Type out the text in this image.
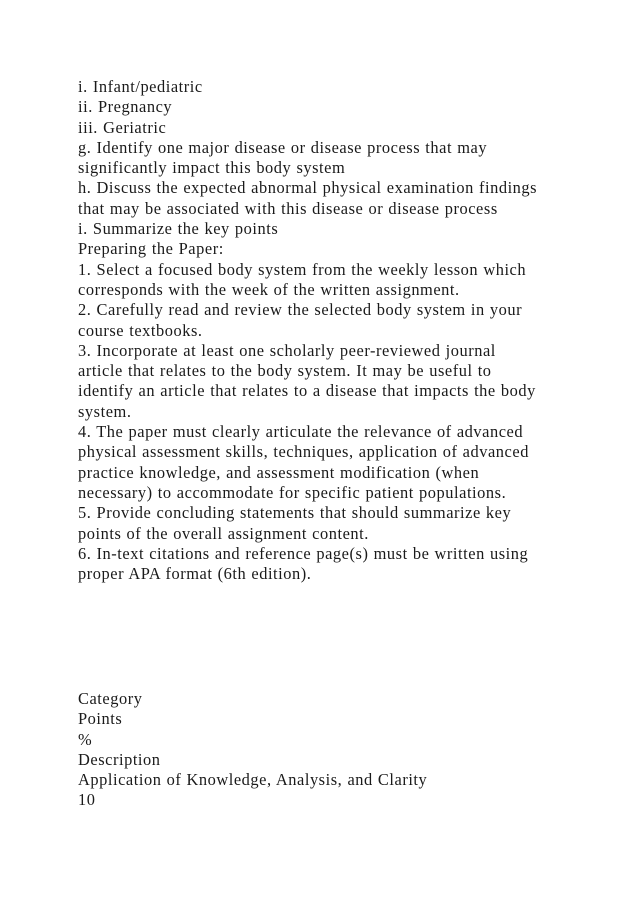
i. Infant/pediatric
ii. Pregnancy
iii. Geriatric
g. Identify one major disease or disease process that may
significantly impact this body system
h. Discuss the expected abnormal physical examination findings
that may be associated with this disease or disease process
i. Summarize the key points
Preparing the Paper:
1. Select a focused body system from the weekly lesson which
corresponds with the week of the written assignment.
2. Carefully read and review the selected body system in your
course textbooks.
3. Incorporate at least one scholarly peer-reviewed journal
article that relates to the body system. It may be useful to
identify an article that relates to a disease that impacts the body
system.
4. The paper must clearly articulate the relevance of advanced
physical assessment skills, techniques, application of advanced
practice knowledge, and assessment modification (when
necessary) to accommodate for specific patient populations.
5. Provide concluding statements that should summarize key
points of the overall assignment content.
6. In-text citations and reference page(s) must be written using
proper APA format (6th edition).
Category
Points
%
Description
Application of Knowledge, Analysis, and Clarity
10
